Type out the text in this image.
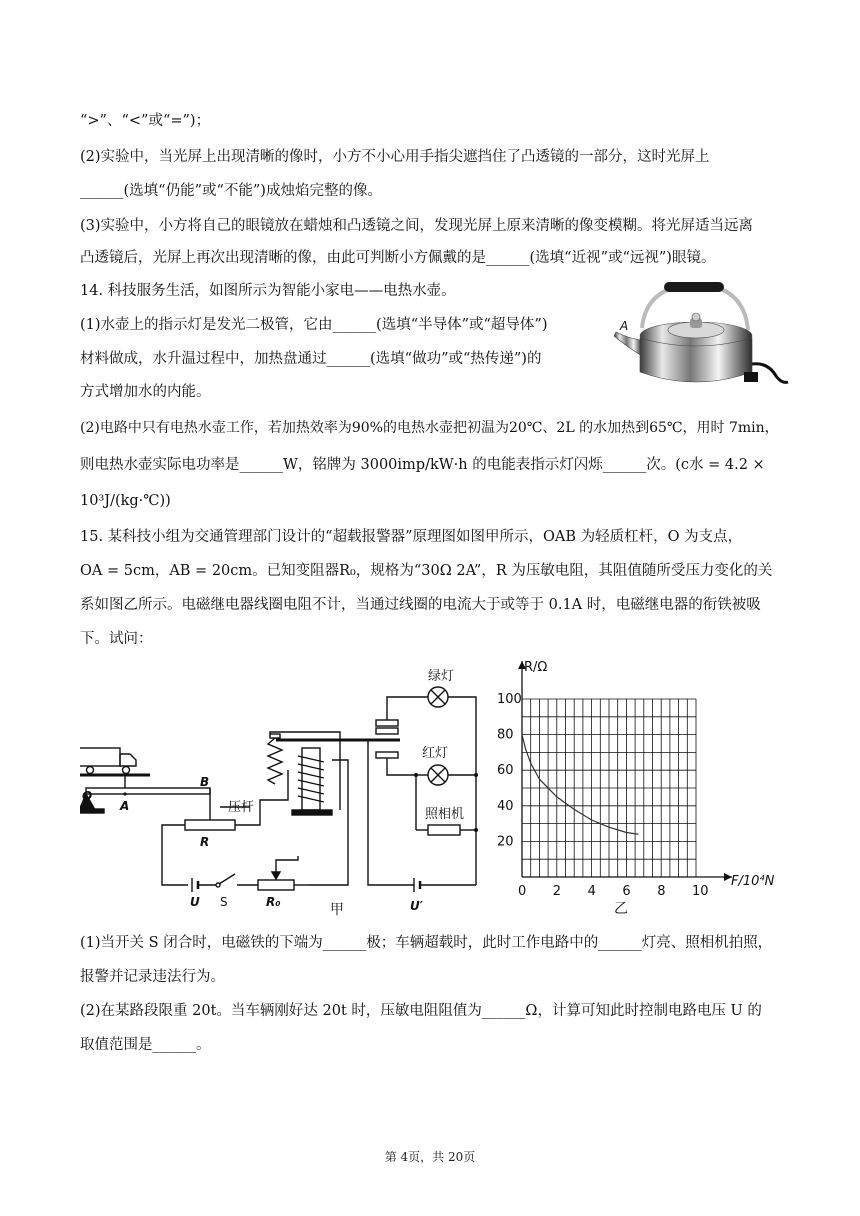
“>”、“<”或“=”)；
(2)实验中，当光屏上出现清晰的像时，小方不小心用手指尖遮挡住了凸透镜的一部分，这时光屏上
______(选填“仍能”或“不能”)成烛焰完整的像。
(3)实验中，小方将自己的眼镜放在蜡烛和凸透镜之间，发现光屏上原来清晰的像变模糊。将光屏适当远离
凸透镜后，光屏上再次出现清晰的像，由此可判断小方佩戴的是______(选填“近视”或“远视”)眼镜。
14. 科技服务生活，如图所示为智能小家电——电热水壶。
(1)水壶上的指示灯是发光二极管，它由______(选填“半导体”或“超导体”)
材料做成，水升温过程中，加热盘通过______(选填“做功”或“热传递”)的
方式增加水的内能。
(2)电路中只有电热水壶工作，若加热效率为90%的电热水壶把初温为20℃、2L 的水加热到65℃，用时 7min，
则电热水壶实际电功率是______W，铭牌为 3000imp/kW·h 的电能表指示灯闪烁______次。(c水 = 4.2 ×
10³J/(kg·℃))
15. 某科技小组为交通管理部门设计的“超载报警器”原理图如图甲所示，OAB 为轻质杠杆，O 为支点，
OA = 5cm，AB = 20cm。已知变阻器R₀，规格为“30Ω 2A”，R 为压敏电阻，其阻值随所受压力变化的关
系如图乙所示。电磁继电器线圈电阻不计，当通过线圈的电流大于或等于 0.1A 时，电磁继电器的衔铁被吸
下。试问：
(1)当开关 S 闭合时，电磁铁的下端为______极；车辆超载时，此时工作电路中的______灯亮、照相机拍照，
报警并记录违法行为。
(2)在某路段限重 20t。当车辆刚好达 20t 时，压敏电阻阻值为______Ω，计算可知此时控制电路电压 U 的
取值范围是______。
A
绿灯
红灯
照相机
压杆
O
A
B
R
U S	R₀	U′
甲
0 2 4 6 8 10
20
40
60
80
100
R/Ω
F/10⁴N
乙
第 4页，共 20页
